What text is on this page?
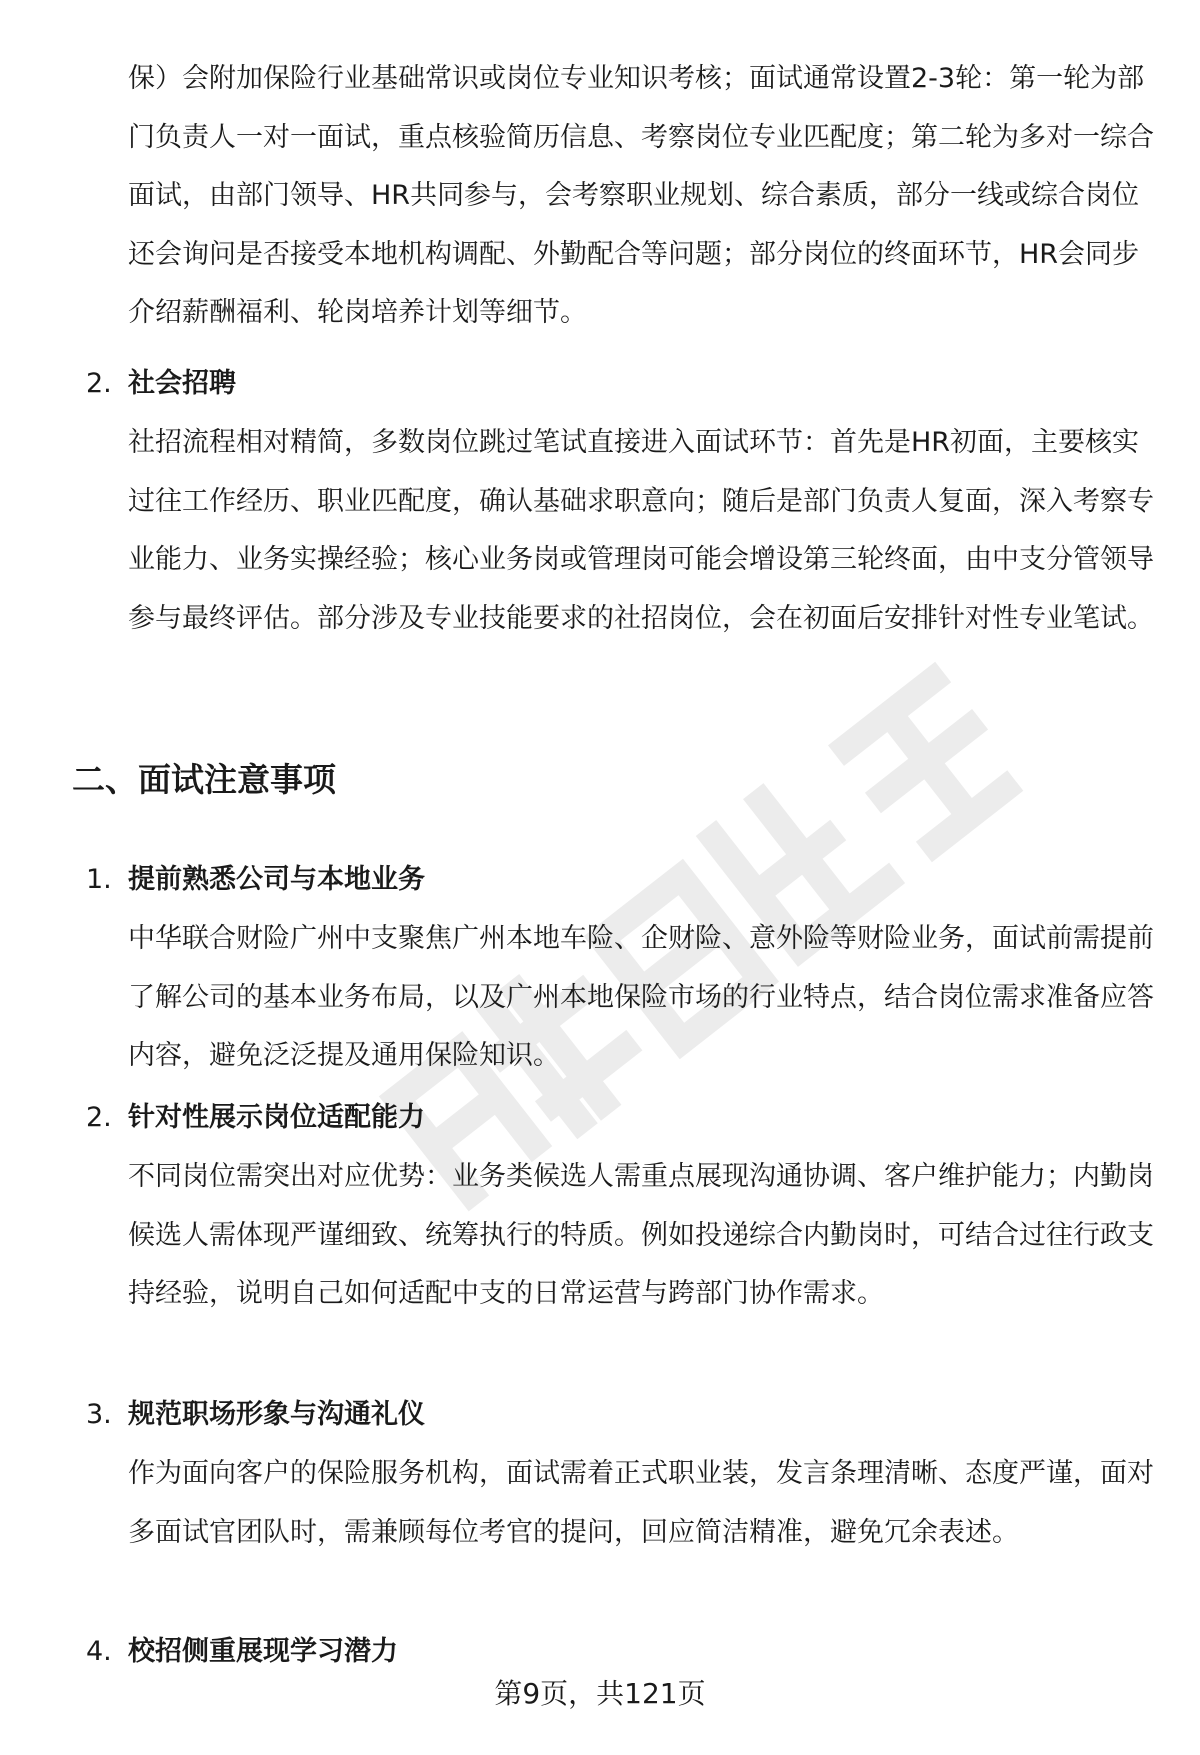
保）会附加保险行业基础常识或岗位专业知识考核；面试通常设置2-3轮：第一轮为部门负责人一对一面试，重点核验简历信息、考察岗位专业匹配度；第二轮为多对一综合面试，由部门领导、HR共同参与，会考察职业规划、综合素质，部分一线或综合岗位还会询问是否接受本地机构调配、外勤配合等问题；部分岗位的终面环节，HR会同步介绍薪酬福利、轮岗培养计划等细节。

2. 社会招聘

社招流程相对精简，多数岗位跳过笔试直接进入面试环节：首先是HR初面，主要核实过往工作经历、职业匹配度，确认基础求职意向；随后是部门负责人复面，深入考察专业能力、业务实操经验；核心业务岗或管理岗可能会增设第三轮终面，由中支分管领导参与最终评估。部分涉及专业技能要求的社招岗位，会在初面后安排针对性专业笔试。

二、面试注意事项
1. 提前熟悉公司与本地业务

中华联合财险广州中支聚焦广州本地车险、企财险、意外险等财险业务，面试前需提前了解公司的基本业务布局，以及广州本地保险市场的行业特点，结合岗位需求准备应答内容，避免泛泛提及通用保险知识。

2. 针对性展示岗位适配能力

不同岗位需突出对应优势：业务类候选人需重点展现沟通协调、客户维护能力；内勤岗候选人需体现严谨细致、统筹执行的特质。例如投递综合内勤岗时，可结合过往行政支持经验，说明自己如何适配中支的日常运营与跨部门协作需求。

3. 规范职场形象与沟通礼仪

作为面向客户的保险服务机构，面试需着正式职业装，发言条理清晰、态度严谨，面对多面试官团队时，需兼顾每位考官的提问，回应简洁精准，避免冗余表述。

4. 校招侧重展现学习潜力
第9页，共121页
